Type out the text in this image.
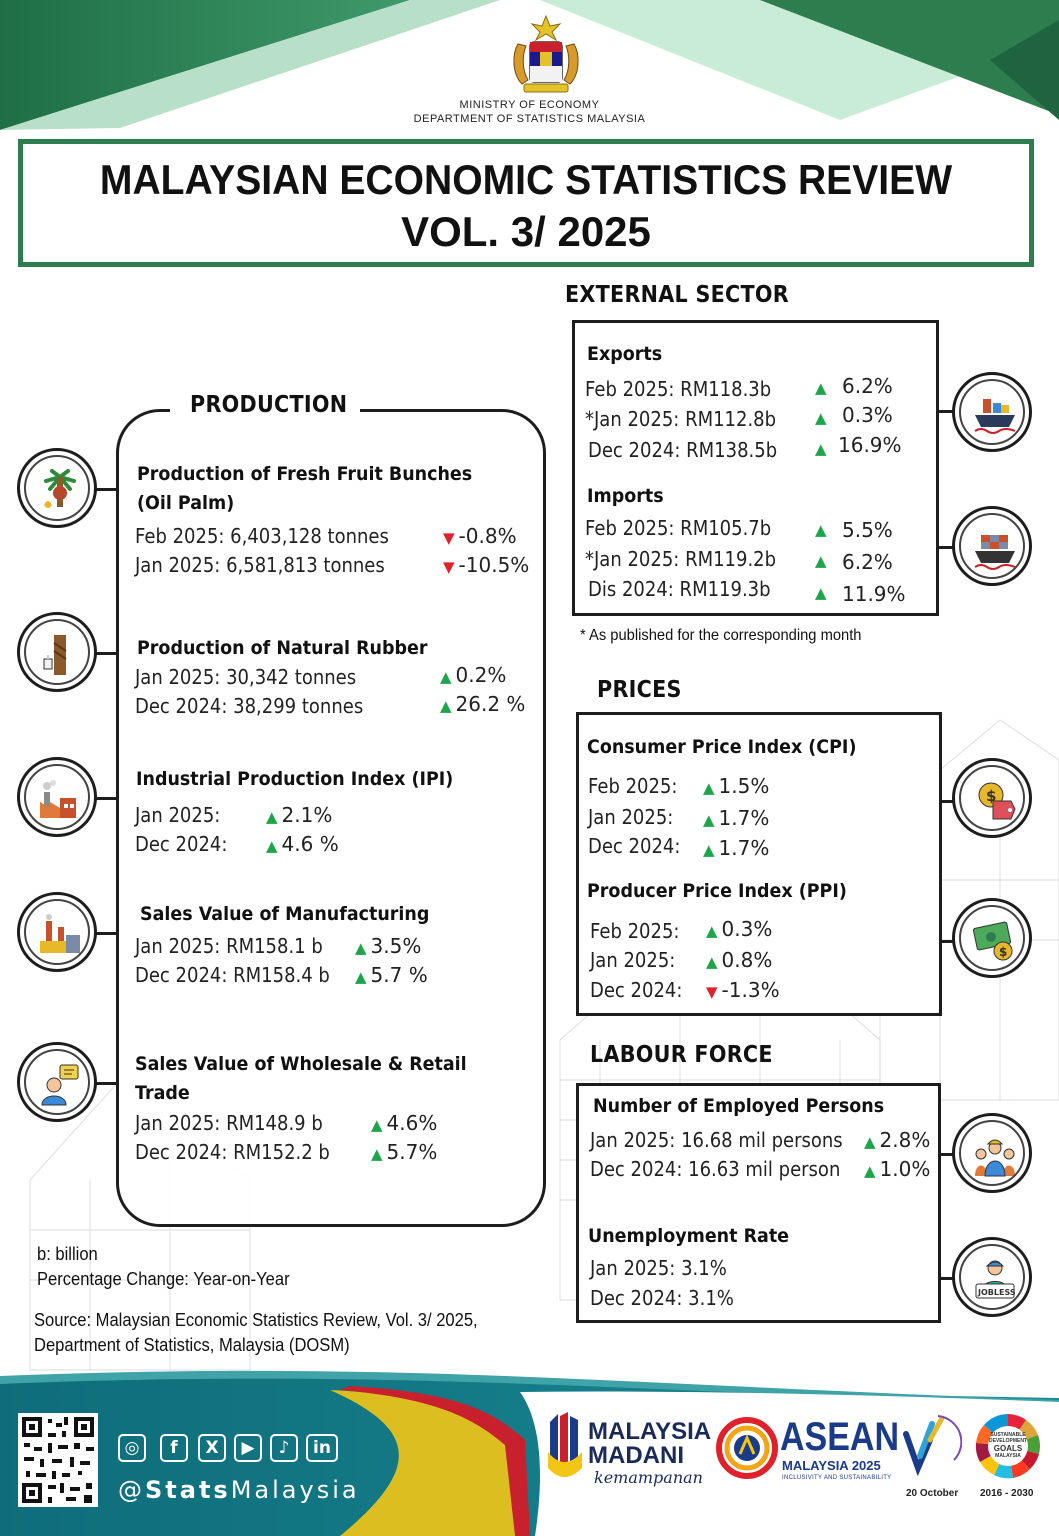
MINISTRY OF ECONOMY
DEPARTMENT OF STATISTICS MALAYSIA
MALAYSIAN ECONOMIC STATISTICS REVIEW
VOL. 3/ 2025
PRODUCTION
Production of Fresh Fruit Bunches
(Oil Palm)
Feb 2025: 6,403,128 tonnes	▼ -0.8%
Jan 2025: 6,581,813 tonnes	▼ -10.5%
Production of Natural Rubber
Jan 2025: 30,342 tonnes	▲ 0.2%
Dec 2024: 38,299 tonnes	▲ 26.2 %
Industrial Production Index (IPI)
Jan 2025:	▲ 2.1%
Dec 2024:	▲ 4.6 %
Sales Value of Manufacturing
Jan 2025: RM158.1 b	▲ 3.5%
Dec 2024: RM158.4 b	▲ 5.7 %
Sales Value of Wholesale & Retail
Trade
Jan 2025: RM148.9 b	▲ 4.6%
Dec 2024: RM152.2 b	▲ 5.7%
EXTERNAL SECTOR
Exports
Feb 2025: RM118.3b	▲ 6.2%
*Jan 2025: RM112.8b	▲ 0.3%
Dec 2024: RM138.5b	▲ 16.9%
Imports
Feb 2025: RM105.7b	▲ 5.5%
*Jan 2025: RM119.2b	▲ 6.2%
Dis 2024: RM119.3b	▲ 11.9%
* As published for the corresponding month
PRICES
Consumer Price Index (CPI)
Feb 2025:	▲ 1.5%
Jan 2025:	▲ 1.7%
Dec 2024:	▲ 1.7%
Producer Price Index (PPI)
Feb 2025:	▲ 0.3%
Jan 2025:	▲ 0.8%
Dec 2024:	▼ -1.3%
$
$
LABOUR FORCE
Number of Employed Persons
Jan 2025: 16.68 mil persons	▲ 2.8%
Dec 2024: 16.63 mil person	▲ 1.0%
Unemployment Rate
Jan 2025: 3.1%
Dec 2024: 3.1%	JOBLESS
b: billion
Percentage Change: Year-on-Year
Source: Malaysian Economic Statistics Review, Vol. 3/ 2025,
Department of Statistics, Malaysia (DOSM)
◎	f	X	▶	♪	in
@StatsMalaysia
MALAYSIA
MADANI
kemampanan
ASEAN
MALAYSIA 2025
INCLUSIVITY AND SUSTAINABILITY
20 October
SUSTAINABLE
DEVELOPMENT
GOALS
MALAYSIA
2016 - 2030
